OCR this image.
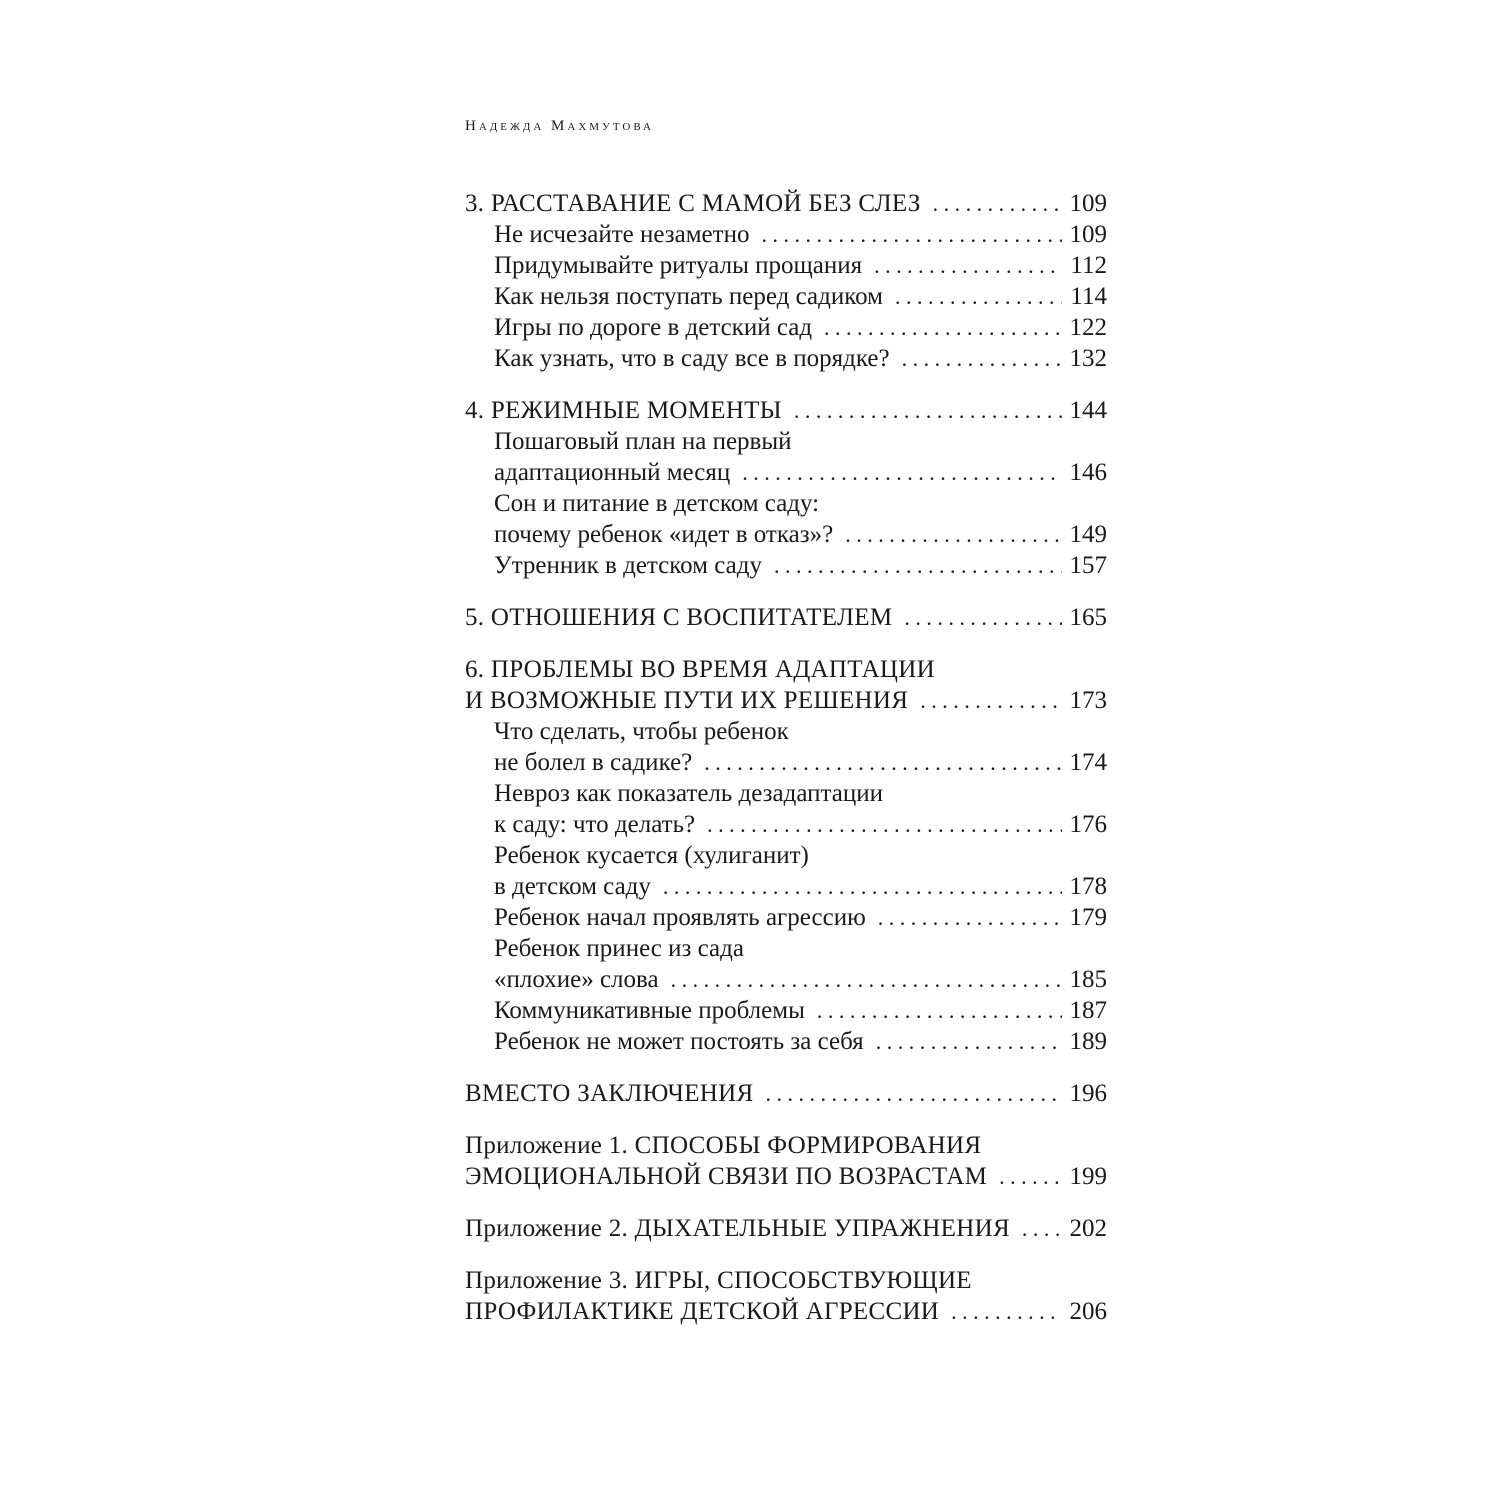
Надежда Махмутова
3. РАССТАВАНИЕ С МАМОЙ БЕЗ СЛЕЗ . . .	109
Не исчезайте незаметно . . .	109
Придумывайте ритуалы прощания . . .	112
Как нельзя поступать перед садиком . . .	114
Игры по дороге в детский сад . . .	122
Как узнать, что в саду все в порядке? . . .	132
4. РЕЖИМНЫЕ МОМЕНТЫ . . .	144
Пошаговый план на первый
адаптационный месяц . . .	146
Сон и питание в детском саду:
почему ребенок «идет в отказ»? . . .	149
Утренник в детском саду . . .	157
5. ОТНОШЕНИЯ С ВОСПИТАТЕЛЕМ . . .	165
6. ПРОБЛЕМЫ ВО ВРЕМЯ АДАПТАЦИИ
И ВОЗМОЖНЫЕ ПУТИ ИХ РЕШЕНИЯ . . .	173
Что сделать, чтобы ребенок
не болел в садике? . . .	174
Невроз как показатель дезадаптации
к саду: что делать? . . .	176
Ребенок кусается (хулиганит)
в детском саду . . .	178
Ребенок начал проявлять агрессию . . .	179
Ребенок принес из сада
«плохие» слова . . .	185
Коммуникативные проблемы . . .	187
Ребенок не может постоять за себя . . .	189
ВМЕСТО ЗАКЛЮЧЕНИЯ . . .	196
Приложение 1. СПОСОБЫ ФОРМИРОВАНИЯ
ЭМОЦИОНАЛЬНОЙ СВЯЗИ ПО ВОЗРАСТАМ . . .	199
Приложение 2. ДЫХАТЕЛЬНЫЕ УПРАЖНЕНИЯ . . . 202
Приложение 3. ИГРЫ, СПОСОБСТВУЮЩИЕ
ПРОФИЛАКТИКЕ ДЕТСКОЙ АГРЕССИИ . . .	206
